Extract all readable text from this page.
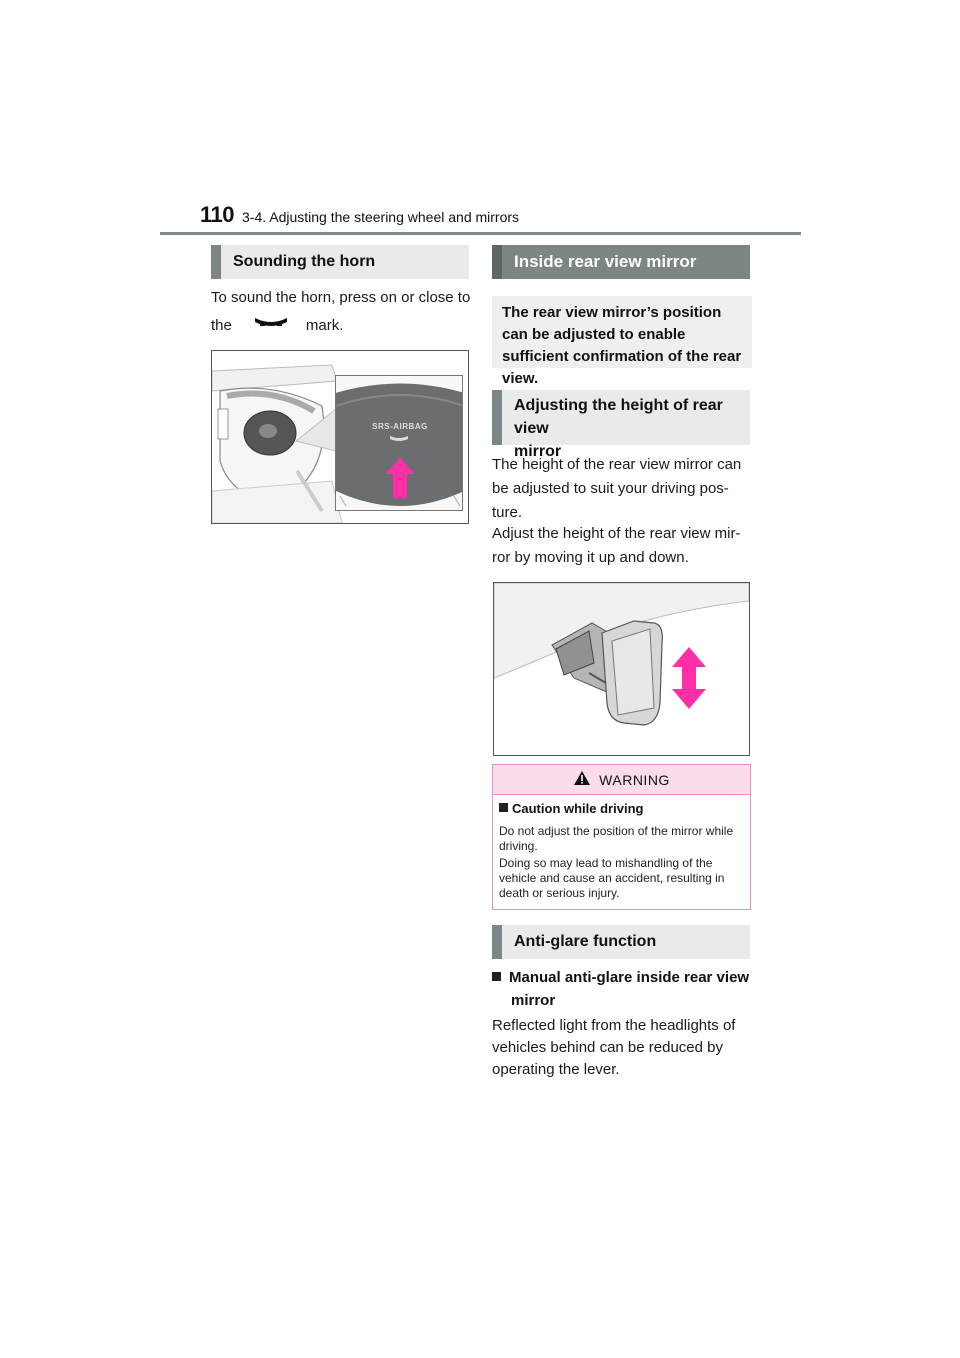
110 3-4. Adjusting the steering wheel and mirrors
Sounding the horn
To sound the horn, press on or close to
the	mark.
SRS-AIRBAG
Inside rear view mirror
The rear view mirror’s position can be adjusted to enable sufficient confirmation of the rear view.
Adjusting the height of rear view
mirror
The height of the rear view mirror can be adjusted to suit your driving pos- ture.
Adjust the height of the rear view mir- ror by moving it up and down.
WARNING
Caution while driving
Do not adjust the position of the mirror while driving.
Doing so may lead to mishandling of the vehicle and cause an accident, resulting in death or serious injury.
Anti-glare function
Manual anti-glare inside rear view
mirror
Reflected light from the headlights of vehicles behind can be reduced by operating the lever.
